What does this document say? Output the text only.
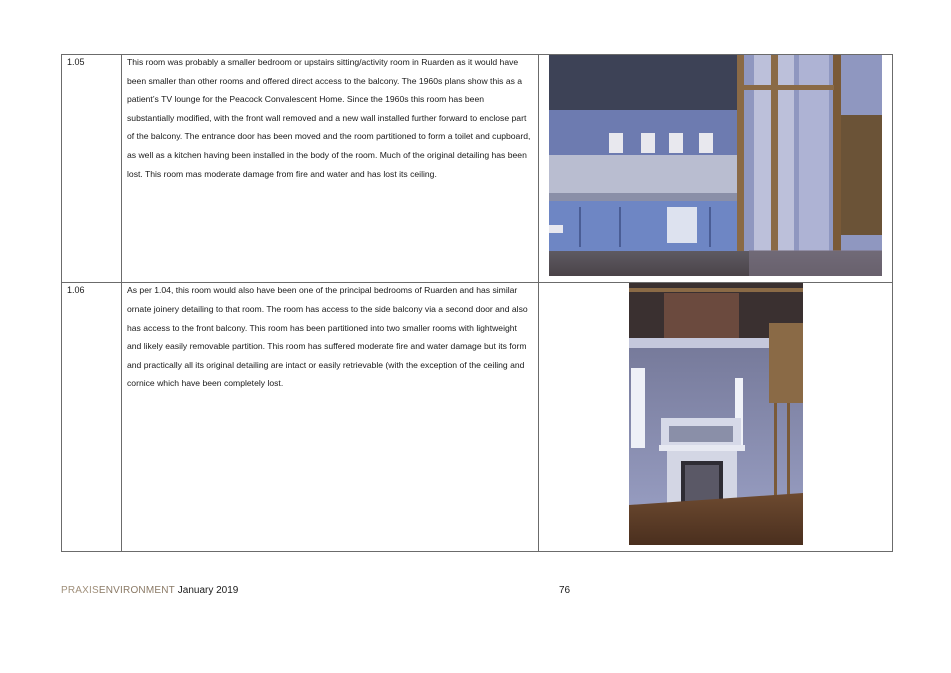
1.05	This room was probably a smaller bedroom or upstairs sitting/activity room in Ruarden as it would have been smaller than other rooms and offered direct access to the balcony. The 1960s plans show this as a patient’s TV lounge for the Peacock Convalescent Home. Since the 1960s this room has been substantially modified, with the front wall removed and a new wall installed further forward to enclose part of the balcony. The entrance door has been moved and the room partitioned to form a toilet and cupboard, as well as a kitchen having been installed in the body of the room. Much of the original detailing has been lost. This room mas moderate damage from fire and water and has lost its ceiling.

1.06	As per 1.04, this room would also have been one of the principal bedrooms of Ruarden and has similar ornate joinery detailing to that room. The room has access to the side balcony via a second door and also has access to the front balcony. This room has been partitioned into two smaller rooms with lightweight and likely easily removable partition. This room has suffered moderate fire and water damage but its form and practically all its original detailing are intact or easily retrievable (with the exception of the ceiling and cornice which have been completely lost.

PRAXISENVIRONMENT January 2019	76
